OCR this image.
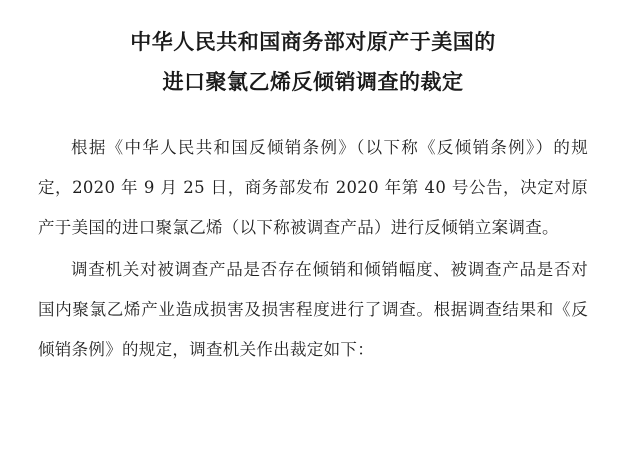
中华人民共和国商务部对原产于美国的
进口聚氯乙烯反倾销调查的裁定

根据《中华人民共和国反倾销条例》（以下称《反倾销条例》）的规定，2020 年 9 月 25 日，商务部发布 2020 年第 40 号公告，决定对原产于美国的进口聚氯乙烯（以下称被调查产品）进行反倾销立案调查。

调查机关对被调查产品是否存在倾销和倾销幅度、被调查产品是否对国内聚氯乙烯产业造成损害及损害程度进行了调查。根据调查结果和《反倾销条例》的规定，调查机关作出裁定如下：
